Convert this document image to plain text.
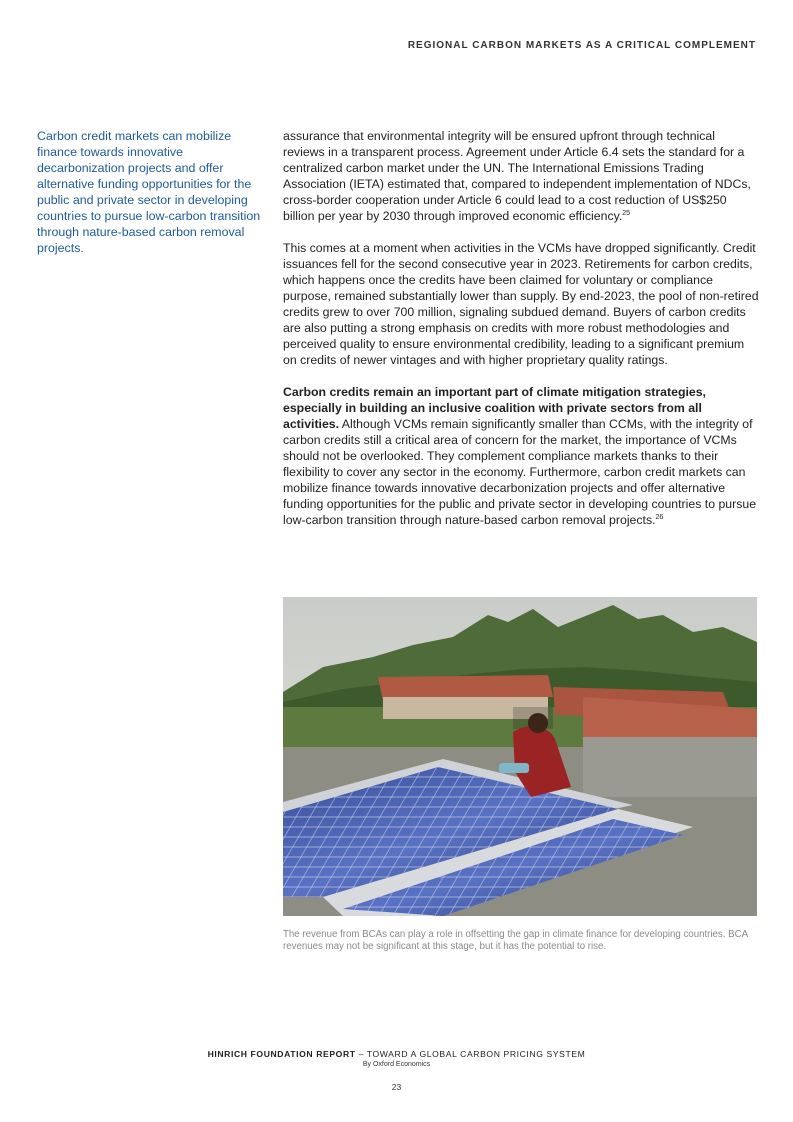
REGIONAL CARBON MARKETS AS A CRITICAL COMPLEMENT
Carbon credit markets can mobilize finance towards innovative decarbonization projects and offer alternative funding opportunities for the public and private sector in developing countries to pursue low-carbon transition through nature-based carbon removal projects.

assurance that environmental integrity will be ensured upfront through technical reviews in a transparent process. Agreement under Article 6.4 sets the standard for a centralized carbon market under the UN. The International Emissions Trading Association (IETA) estimated that, compared to independent implementation of NDCs, cross-border cooperation under Article 6 could lead to a cost reduction of US$250 billion per year by 2030 through improved economic efficiency.$^{25}$

This comes at a moment when activities in the VCMs have dropped significantly. Credit issuances fell for the second consecutive year in 2023. Retirements for carbon credits, which happens once the credits have been claimed for voluntary or compliance purpose, remained substantially lower than supply. By end-2023, the pool of non-retired credits grew to over 700 million, signaling subdued demand. Buyers of carbon credits are also putting a strong emphasis on credits with more robust methodologies and perceived quality to ensure environmental credibility, leading to a significant premium on credits of newer vintages and with higher proprietary quality ratings.

Carbon credits remain an important part of climate mitigation strategies, especially in building an inclusive coalition with private sectors from all activities. Although VCMs remain significantly smaller than CCMs, with the integrity of carbon credits still a critical area of concern for the market, the importance of VCMs should not be overlooked. They complement compliance markets thanks to their flexibility to cover any sector in the economy. Furthermore, carbon credit markets can mobilize finance towards innovative decarbonization projects and offer alternative funding opportunities for the public and private sector in developing countries to pursue low-carbon transition through nature-based carbon removal projects.$^{26}$

The revenue from BCAs can play a role in offsetting the gap in climate finance for developing countries. BCA revenues may not be significant at this stage, but it has the potential to rise.
HINRICH FOUNDATION REPORT – TOWARD A GLOBAL CARBON PRICING SYSTEM
By Oxford Economics
23
